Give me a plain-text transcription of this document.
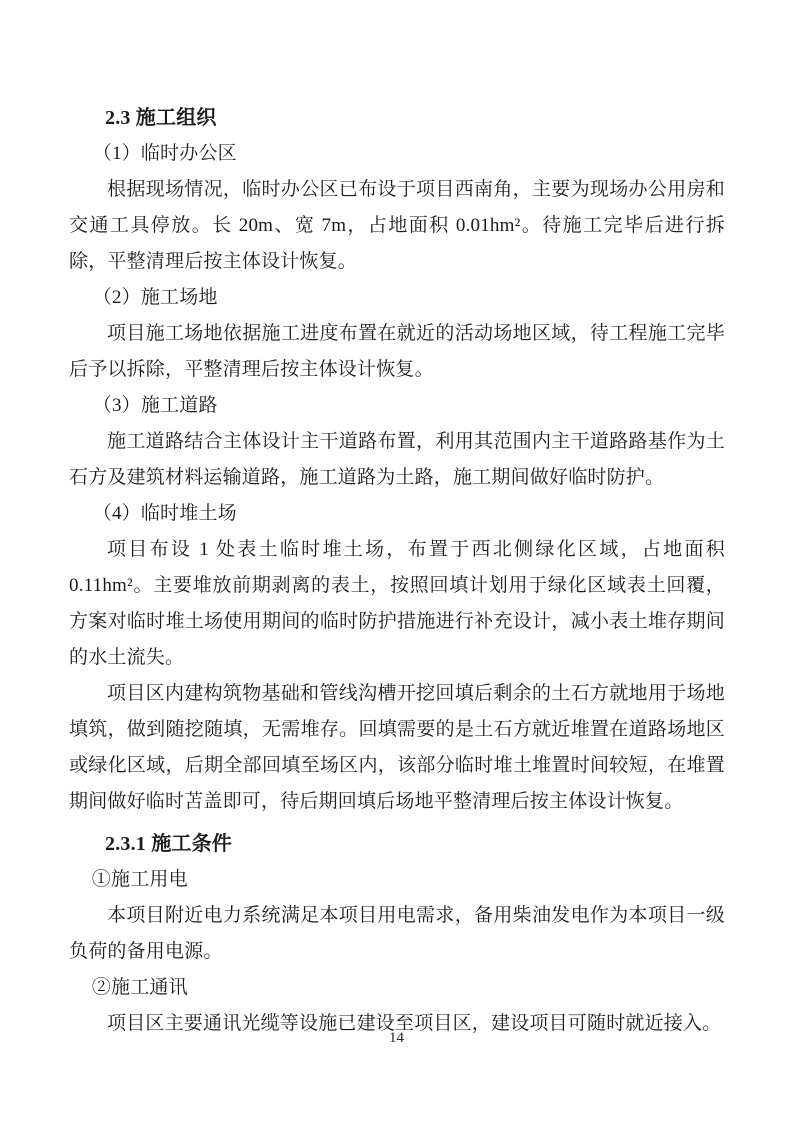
2.3 施工组织

（1）临时办公区

根据现场情况，临时办公区已布设于项目西南角，主要为现场办公用房和交通工具停放。长 20m、宽 7m，占地面积 0.01hm²。待施工完毕后进行拆除，平整清理后按主体设计恢复。

（2）施工场地

项目施工场地依据施工进度布置在就近的活动场地区域，待工程施工完毕后予以拆除，平整清理后按主体设计恢复。

（3）施工道路

施工道路结合主体设计主干道路布置，利用其范围内主干道路路基作为土石方及建筑材料运输道路，施工道路为土路，施工期间做好临时防护。

（4）临时堆土场

项目布设 1 处表土临时堆土场，布置于西北侧绿化区域，占地面积 0.11hm²。主要堆放前期剥离的表土，按照回填计划用于绿化区域表土回覆，方案对临时堆土场使用期间的临时防护措施进行补充设计，减小表土堆存期间的水土流失。

项目区内建构筑物基础和管线沟槽开挖回填后剩余的土石方就地用于场地填筑，做到随挖随填，无需堆存。回填需要的是土石方就近堆置在道路场地区或绿化区域，后期全部回填至场区内，该部分临时堆土堆置时间较短，在堆置期间做好临时苫盖即可，待后期回填后场地平整清理后按主体设计恢复。

2.3.1 施工条件

①施工用电

本项目附近电力系统满足本项目用电需求，备用柴油发电作为本项目一级负荷的备用电源。

②施工通讯

项目区主要通讯光缆等设施已建设至项目区，建设项目可随时就近接入。

14
